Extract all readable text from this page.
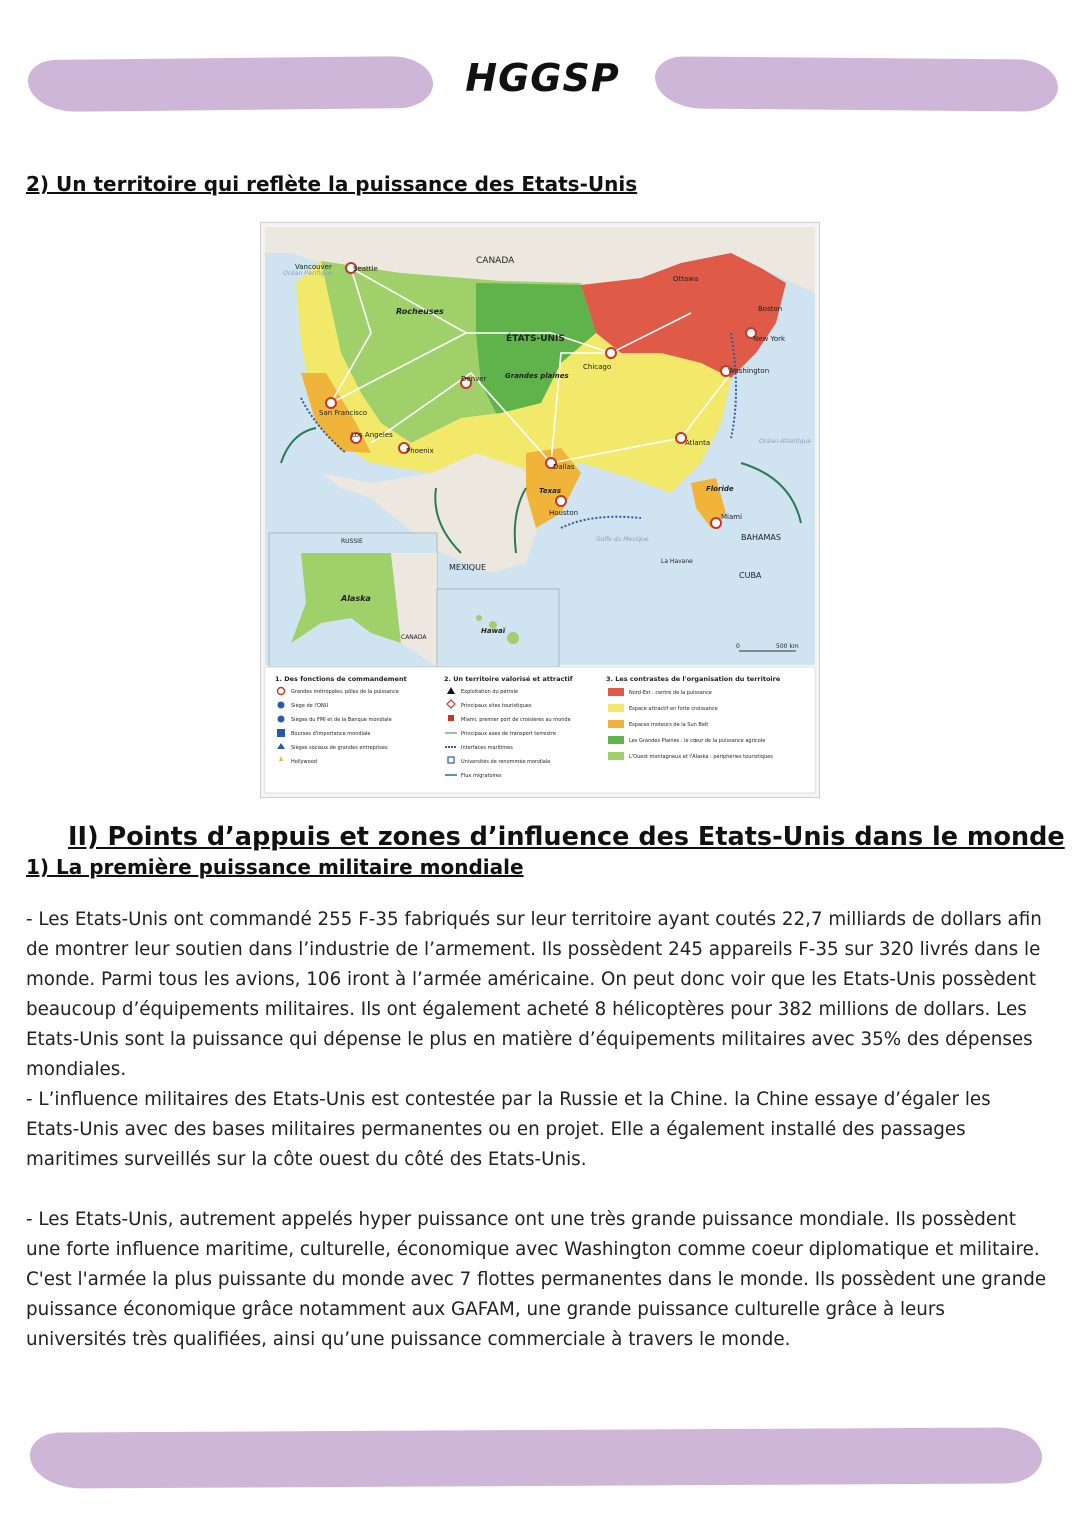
HGGSP
2) Un territoire qui reflète la puissance des Etats-Unis
CANADA
ÉTATS-UNIS
MEXIQUE
BAHAMAS
CUBA
Rocheuses
Grandes plaines
Floride
Texas
Vancouver	Seattle
San Francisco
Los Angeles
Phoenix
Denver
Dallas
Houston
Chicago
Atlanta
New York
Washington
Miami
Boston
Ottawa
La Havane
Alaska
RUSSIE
CANADA
Hawaï
Océan Pacifique
Océan Atlantique
Golfe du Mexique
0	500 km
1. Des fonctions de commandement	2. Un territoire valorisé et attractif	3. Les contrastes de l'organisation du territoire
Grandes métropoles, pôles de la puissance
Siège de l'ONU
Sièges du FMI et de la Banque mondiale
Bourses d'importance mondiale
Sièges sociaux de grandes entreprises
Hollywood
Exploitation du pétrole
Principaux sites touristiques
Miami, premier port de croisières au monde
Principaux axes de transport terrestre
Interfaces maritimes
Universités de renommée mondiale
Flux migratoires
Nord-Est : centre de la puissance
Espace attractif en forte croissance
Espaces moteurs de la Sun Belt
Les Grandes Plaines : le cœur de la puissance agricole
L'Ouest montagneux et l'Alaska : périphéries touristiques
II) Points d’appuis et zones d’influence des Etats-Unis dans le monde
1) La première puissance militaire mondiale

- Les Etats-Unis ont commandé 255 F-35 fabriqués sur leur territoire ayant coutés 22,7 milliards de dollars afin de montrer leur soutien dans l’industrie de l’armement. Ils possèdent 245 appareils F-35 sur 320 livrés dans le monde. Parmi tous les avions, 106 iront à l’armée américaine. On peut donc voir que les Etats-Unis possèdent beaucoup d’équipements militaires. Ils ont également acheté 8 hélicoptères pour 382 millions de dollars. Les Etats-Unis sont la puissance qui dépense le plus en matière d’équipements militaires avec 35% des dépenses mondiales.

- L’influence militaires des Etats-Unis est contestée par la Russie et la Chine. la Chine essaye d’égaler les Etats-Unis avec des bases militaires permanentes ou en projet. Elle a également installé des passages maritimes surveillés sur la côte ouest du côté des Etats-Unis.

- Les Etats-Unis, autrement appelés hyper puissance ont une très grande puissance mondiale. Ils possèdent une forte influence maritime, culturelle, économique avec Washington comme coeur diplomatique et militaire. C'est l'armée la plus puissante du monde avec 7 flottes permanentes dans le monde. Ils possèdent une grande puissance économique grâce notamment aux GAFAM, une grande puissance culturelle grâce à leurs universités très qualifiées, ainsi qu’une puissance commerciale à travers le monde.
